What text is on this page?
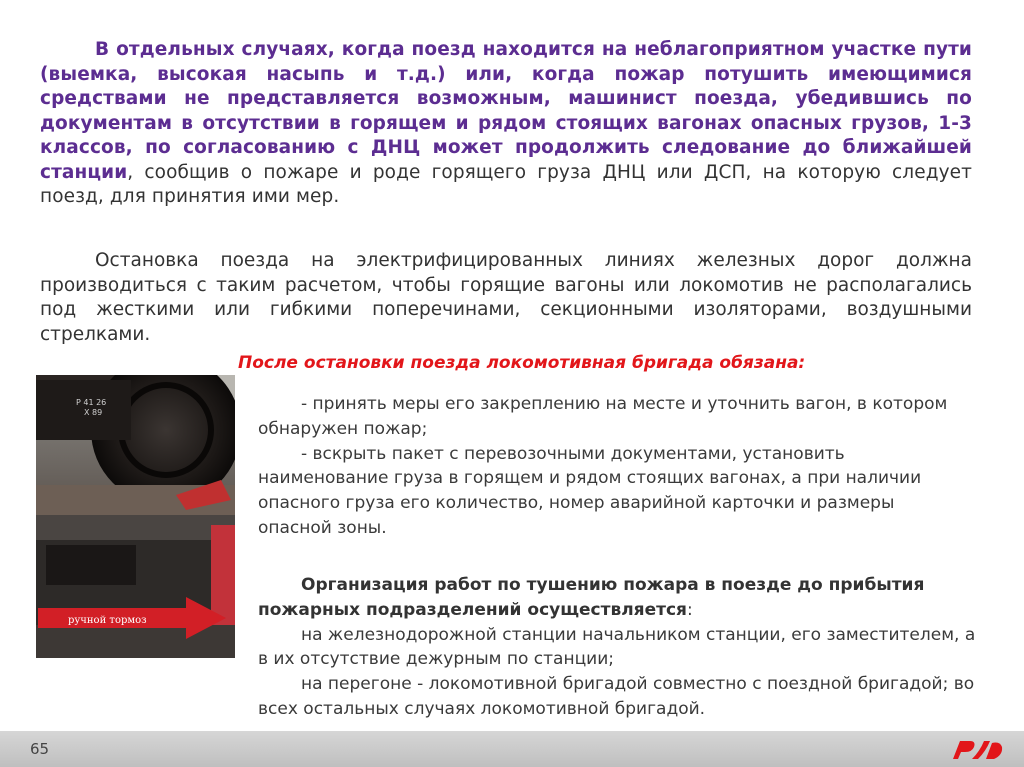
В отдельных случаях, когда поезд находится на неблагоприятном участке пути (выемка, высокая насыпь и т.д.) или, когда пожар потушить имеющимися средствами не представляется возможным, машинист поезда, убедившись по документам в отсутствии в горящем и рядом стоящих вагонах опасных грузов, 1-3 классов, по согласованию с ДНЦ может продолжить следование до ближайшей станции, сообщив о пожаре и роде горящего груза ДНЦ или ДСП, на которую следует поезд, для принятия ими мер.

Остановка поезда на электрифицированных линиях железных дорог должна производиться с таким расчетом, чтобы горящие вагоны или локомотив не располагались под жесткими или гибкими поперечинами, секционными изоляторами, воздушными стрелками.

После остановки поезда локомотивная бригада обязана:

Р 41 26
Х 89
ручной тормоз
- принять меры его закреплению на месте и уточнить вагон, в котором обнаружен пожар;
- вскрыть пакет с перевозочными документами, установить наименование груза в горящем и рядом стоящих вагонах, а при наличии опасного груза его количество, номер аварийной карточки и размеры опасной зоны.
Организация работ по тушению пожара в поезде до прибытия пожарных подразделений осуществляется:
на железнодорожной станции начальником станции, его заместителем, а в их отсутствие дежурным по станции;
на перегоне - локомотивной бригадой совместно с поездной бригадой; во всех остальных случаях локомотивной бригадой.
65
